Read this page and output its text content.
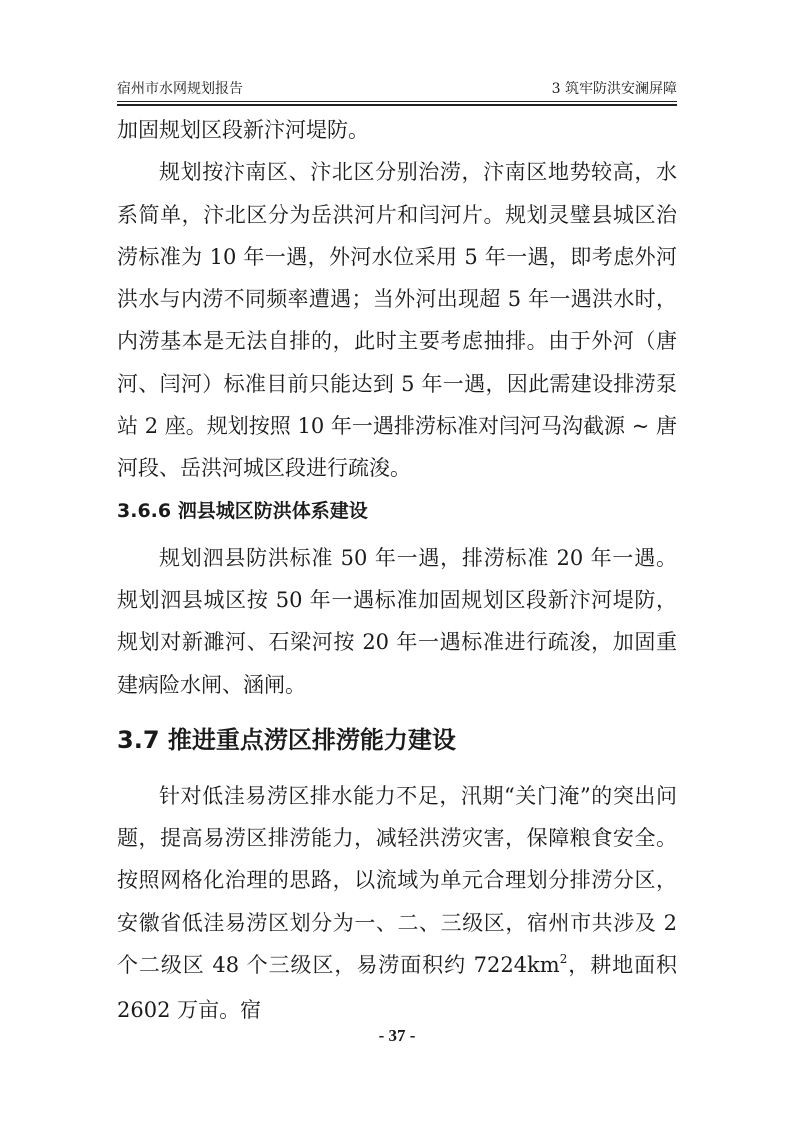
宿州市水网规划报告	3 筑牢防洪安澜屏障

加固规划区段新汴河堤防。

规划按汴南区、汴北区分别治涝，汴南区地势较高，水系简单，汴北区分为岳洪河片和闫河片。规划灵璧县城区治涝标准为 10 年一遇，外河水位采用 5 年一遇，即考虑外河洪水与内涝不同频率遭遇；当外河出现超 5 年一遇洪水时，内涝基本是无法自排的，此时主要考虑抽排。由于外河（唐河、闫河）标准目前只能达到 5 年一遇，因此需建设排涝泵站 2 座。规划按照 10 年一遇排涝标准对闫河马沟截源 ~ 唐河段、岳洪河城区段进行疏浚。

3.6.6 泗县城区防洪体系建设

规划泗县防洪标准 50 年一遇，排涝标准 20 年一遇。规划泗县城区按 50 年一遇标准加固规划区段新汴河堤防，规划对新濉河、石梁河按 20 年一遇标准进行疏浚，加固重建病险水闸、涵闸。

3.7 推进重点涝区排涝能力建设

针对低洼易涝区排水能力不足，汛期“关门淹”的突出问题，提高易涝区排涝能力，减轻洪涝灾害，保障粮食安全。按照网格化治理的思路，以流域为单元合理划分排涝分区，安徽省低洼易涝区划分为一、二、三级区，宿州市共涉及 2 个二级区 48 个三级区，易涝面积约 $7224km^2$，耕地面积 2602 万亩。宿

- 37 -
